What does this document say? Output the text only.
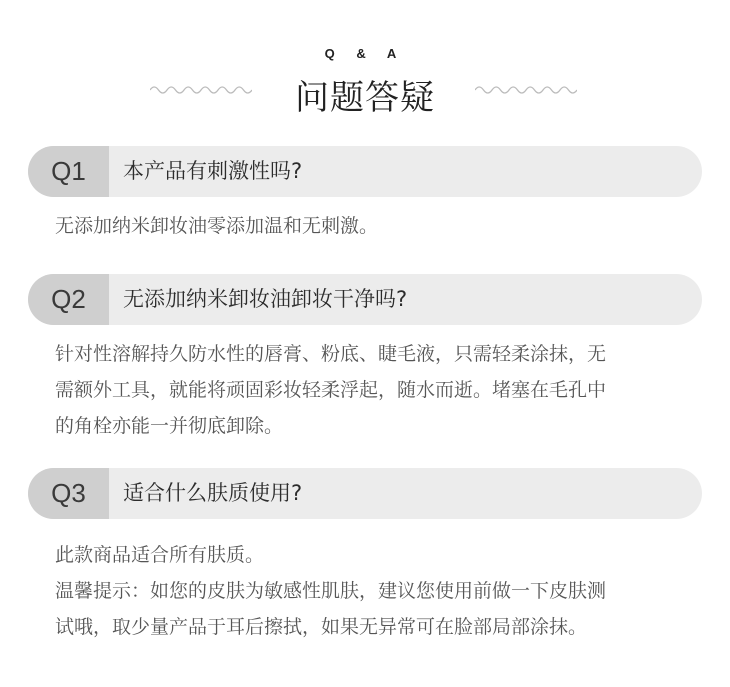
Q & A
问题答疑
Q1	本产品有刺激性吗?

无添加纳米卸妆油零添加温和无刺激。

Q2	无添加纳米卸妆油卸妆干净吗?

针对性溶解持久防水性的唇膏、粉底、睫毛液，只需轻柔涂抹，无

需额外工具，就能将顽固彩妆轻柔浮起，随水而逝。堵塞在毛孔中

的角栓亦能一并彻底卸除。

Q3	适合什么肤质使用?

此款商品适合所有肤质。

温馨提示：如您的皮肤为敏感性肌肤，建议您使用前做一下皮肤测

试哦，取少量产品于耳后擦拭，如果无异常可在脸部局部涂抹。
